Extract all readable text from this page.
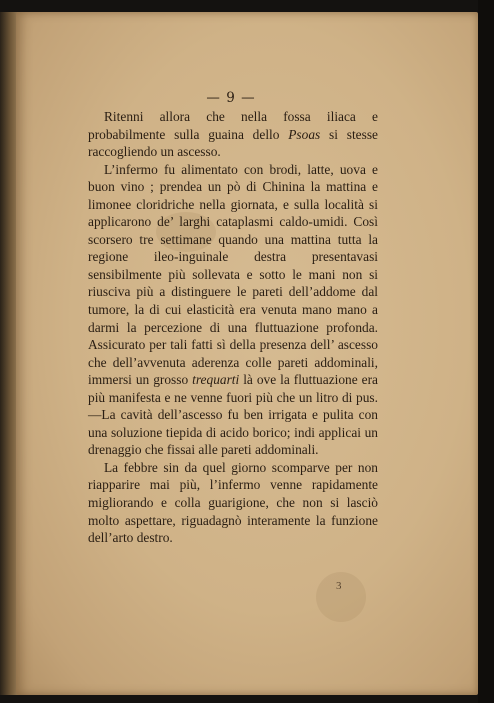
— 9 —

Ritenni allora che nella fossa iliaca e probabilmente sulla guaina dello Psoas si stesse raccogliendo un ascesso.

L’infermo fu alimentato con brodi, latte, uova e buon vino ; prendea un pò di Chinina la mattina e limonee cloridriche nella giornata, e sulla località si applicarono de’ larghi cataplasmi caldo-umidi. Così scorsero tre settimane quando una mattina tutta la regione ileo-inguinale destra presentavasi sensibilmente più sollevata e sotto le mani non si riusciva più a distinguere le pareti dell’addome dal tumore, la di cui elasticità era venuta mano mano a darmi la percezione di una fluttuazione profonda. Assicurato per tali fatti sì della presenza dell’ ascesso che dell’avvenuta aderenza colle pareti addominali, immersi un grosso trequarti là ove la fluttuazione era più manifesta e ne venne fuori più che un litro di pus.—La cavità dell’ascesso fu ben irrigata e pulita con una soluzione tiepida di acido borico; indi applicai un drenaggio che fissai alle pareti addominali.

La febbre sin da quel giorno scomparve per non riapparire mai più, l’infermo venne rapidamente migliorando e colla guarigione, che non si lasciò molto aspettare, riguadagnò interamente la funzione dell’arto destro.

3
